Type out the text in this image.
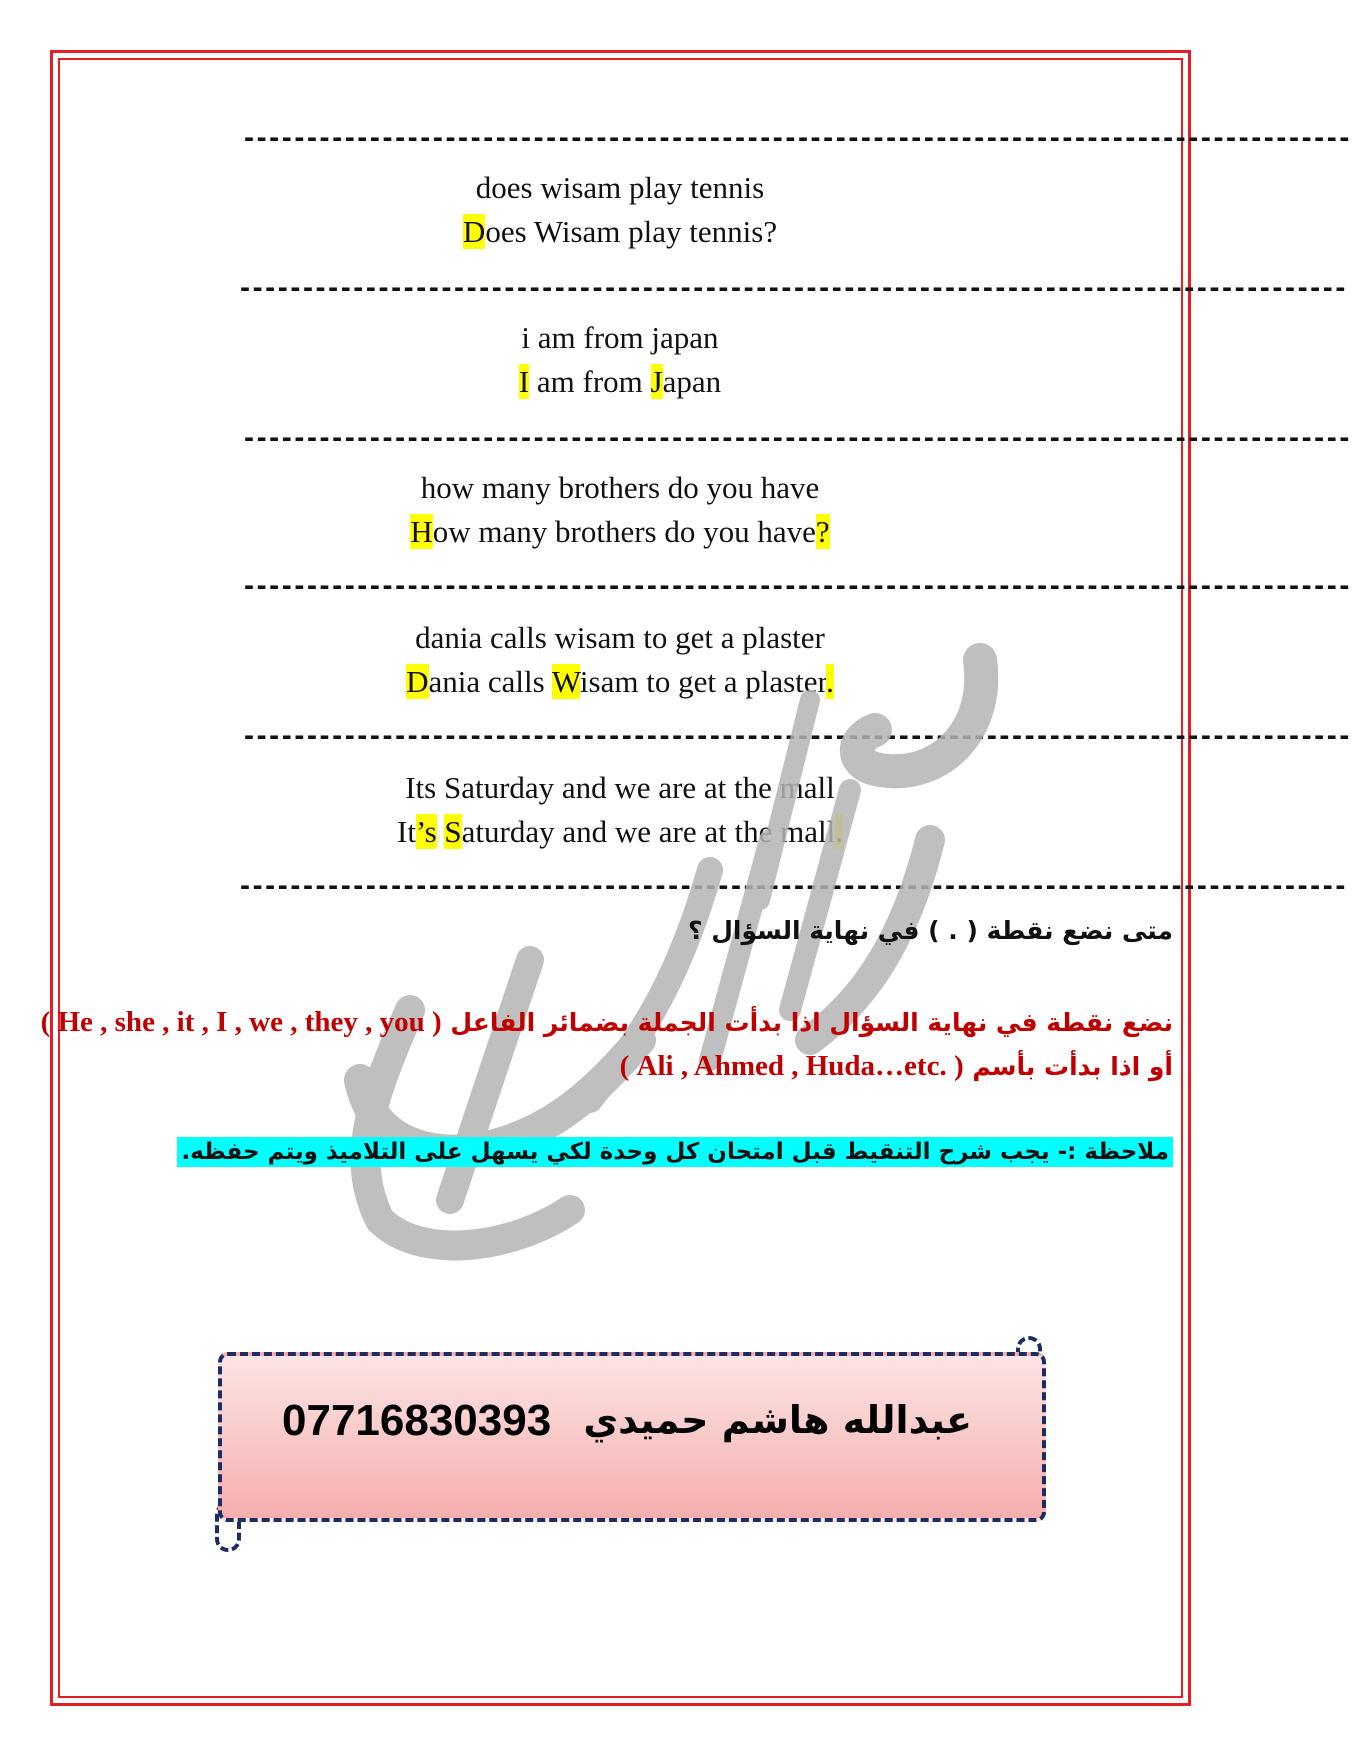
----------------------------------------------------------------------------------------
----------------------------------------------------------------------------------------
----------------------------------------------------------------------------------------
----------------------------------------------------------------------------------------
----------------------------------------------------------------------------------------
----------------------------------------------------------------------------------------
does wisam play tennis
Does Wisam play tennis?
i am from japan
I am from Japan
how many brothers do you have
How many brothers do you have?
dania calls wisam to get a plaster
Dania calls Wisam to get a plaster.
Its Saturday and we are at the mall
It’s Saturday and we are at the mall.
متى نضع نقطة ( . ) في نهاية السؤال ؟
نضع نقطة في نهاية السؤال اذا بدأت الجملة بضمائر الفاعل ( He , she , it , I , we , they , you )
أو اذا بدأت بأسم ( Ali , Ahmed , Huda…etc. )
ملاحظة :- يجب شرح التنقيط قبل امتحان كل وحدة لكي يسهل على التلاميذ ويتم حفظه.
07716830393 عبدالله هاشم حميدي
